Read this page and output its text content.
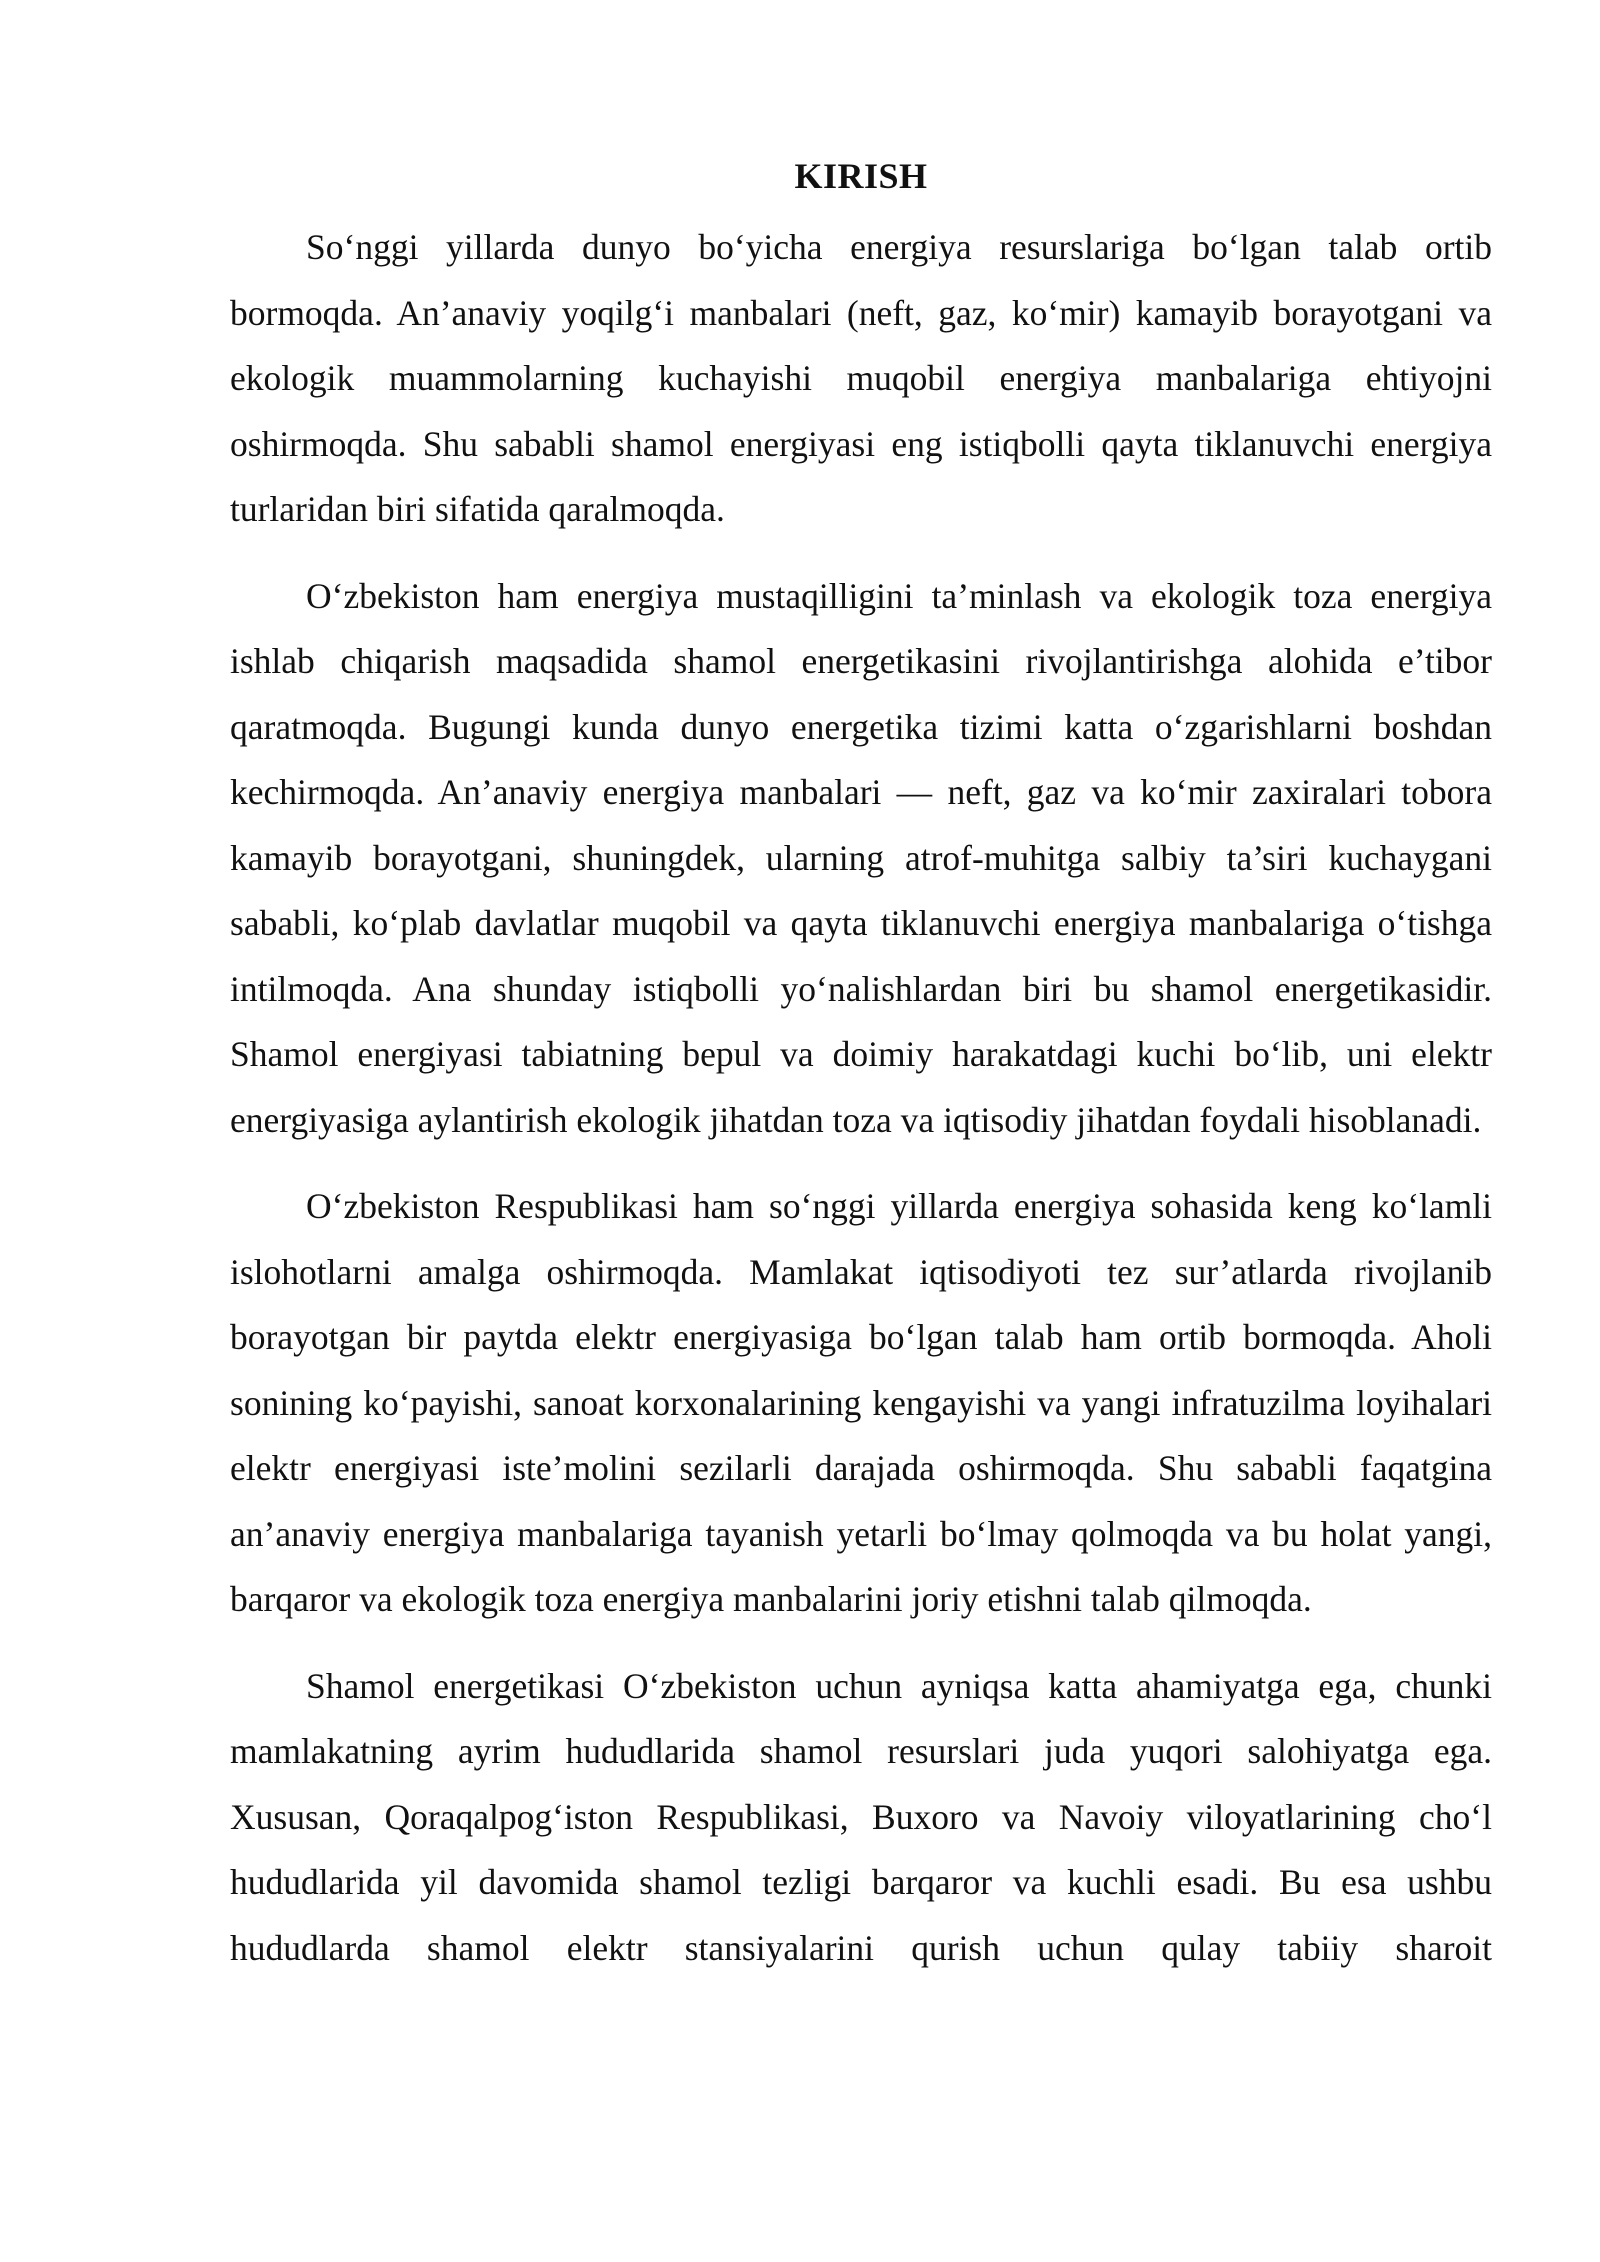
KIRISH

So‘nggi yillarda dunyo bo‘yicha energiya resurslariga bo‘lgan talab ortib bormoqda. An’anaviy yoqilg‘i manbalari (neft, gaz, ko‘mir) kamayib borayotgani va ekologik muammolarning kuchayishi muqobil energiya manbalariga ehtiyojni oshirmoqda. Shu sababli shamol energiyasi eng istiqbolli qayta tiklanuvchi energiya turlaridan biri sifatida qaralmoqda.

O‘zbekiston ham energiya mustaqilligini ta’minlash va ekologik toza energiya ishlab chiqarish maqsadida shamol energetikasini rivojlantirishga alohida e’tibor qaratmoqda. Bugungi kunda dunyo energetika tizimi katta o‘zgarishlarni boshdan kechirmoqda. An’anaviy energiya manbalari — neft, gaz va ko‘mir zaxiralari tobora kamayib borayotgani, shuningdek, ularning atrof-muhitga salbiy ta’siri kuchaygani sababli, ko‘plab davlatlar muqobil va qayta tiklanuvchi energiya manbalariga o‘tishga intilmoqda. Ana shunday istiqbolli yo‘nalishlardan biri bu shamol energetikasidir. Shamol energiyasi tabiatning bepul va doimiy harakatdagi kuchi bo‘lib, uni elektr energiyasiga aylantirish ekologik jihatdan toza va iqtisodiy jihatdan foydali hisoblanadi.

O‘zbekiston Respublikasi ham so‘nggi yillarda energiya sohasida keng ko‘lamli islohotlarni amalga oshirmoqda. Mamlakat iqtisodiyoti tez sur’atlarda rivojlanib borayotgan bir paytda elektr energiyasiga bo‘lgan talab ham ortib bormoqda. Aholi sonining ko‘payishi, sanoat korxonalarining kengayishi va yangi infratuzilma loyihalari elektr energiyasi iste’molini sezilarli darajada oshirmoqda. Shu sababli faqatgina an’anaviy energiya manbalariga tayanish yetarli bo‘lmay qolmoqda va bu holat yangi, barqaror va ekologik toza energiya manbalarini joriy etishni talab qilmoqda.

Shamol energetikasi O‘zbekiston uchun ayniqsa katta ahamiyatga ega, chunki mamlakatning ayrim hududlarida shamol resurslari juda yuqori salohiyatga ega. Xususan, Qoraqalpog‘iston Respublikasi, Buxoro va Navoiy viloyatlarining cho‘l hududlarida yil davomida shamol tezligi barqaror va kuchli esadi. Bu esa ushbu hududlarda shamol elektr stansiyalarini qurish uchun qulay tabiiy sharoit
